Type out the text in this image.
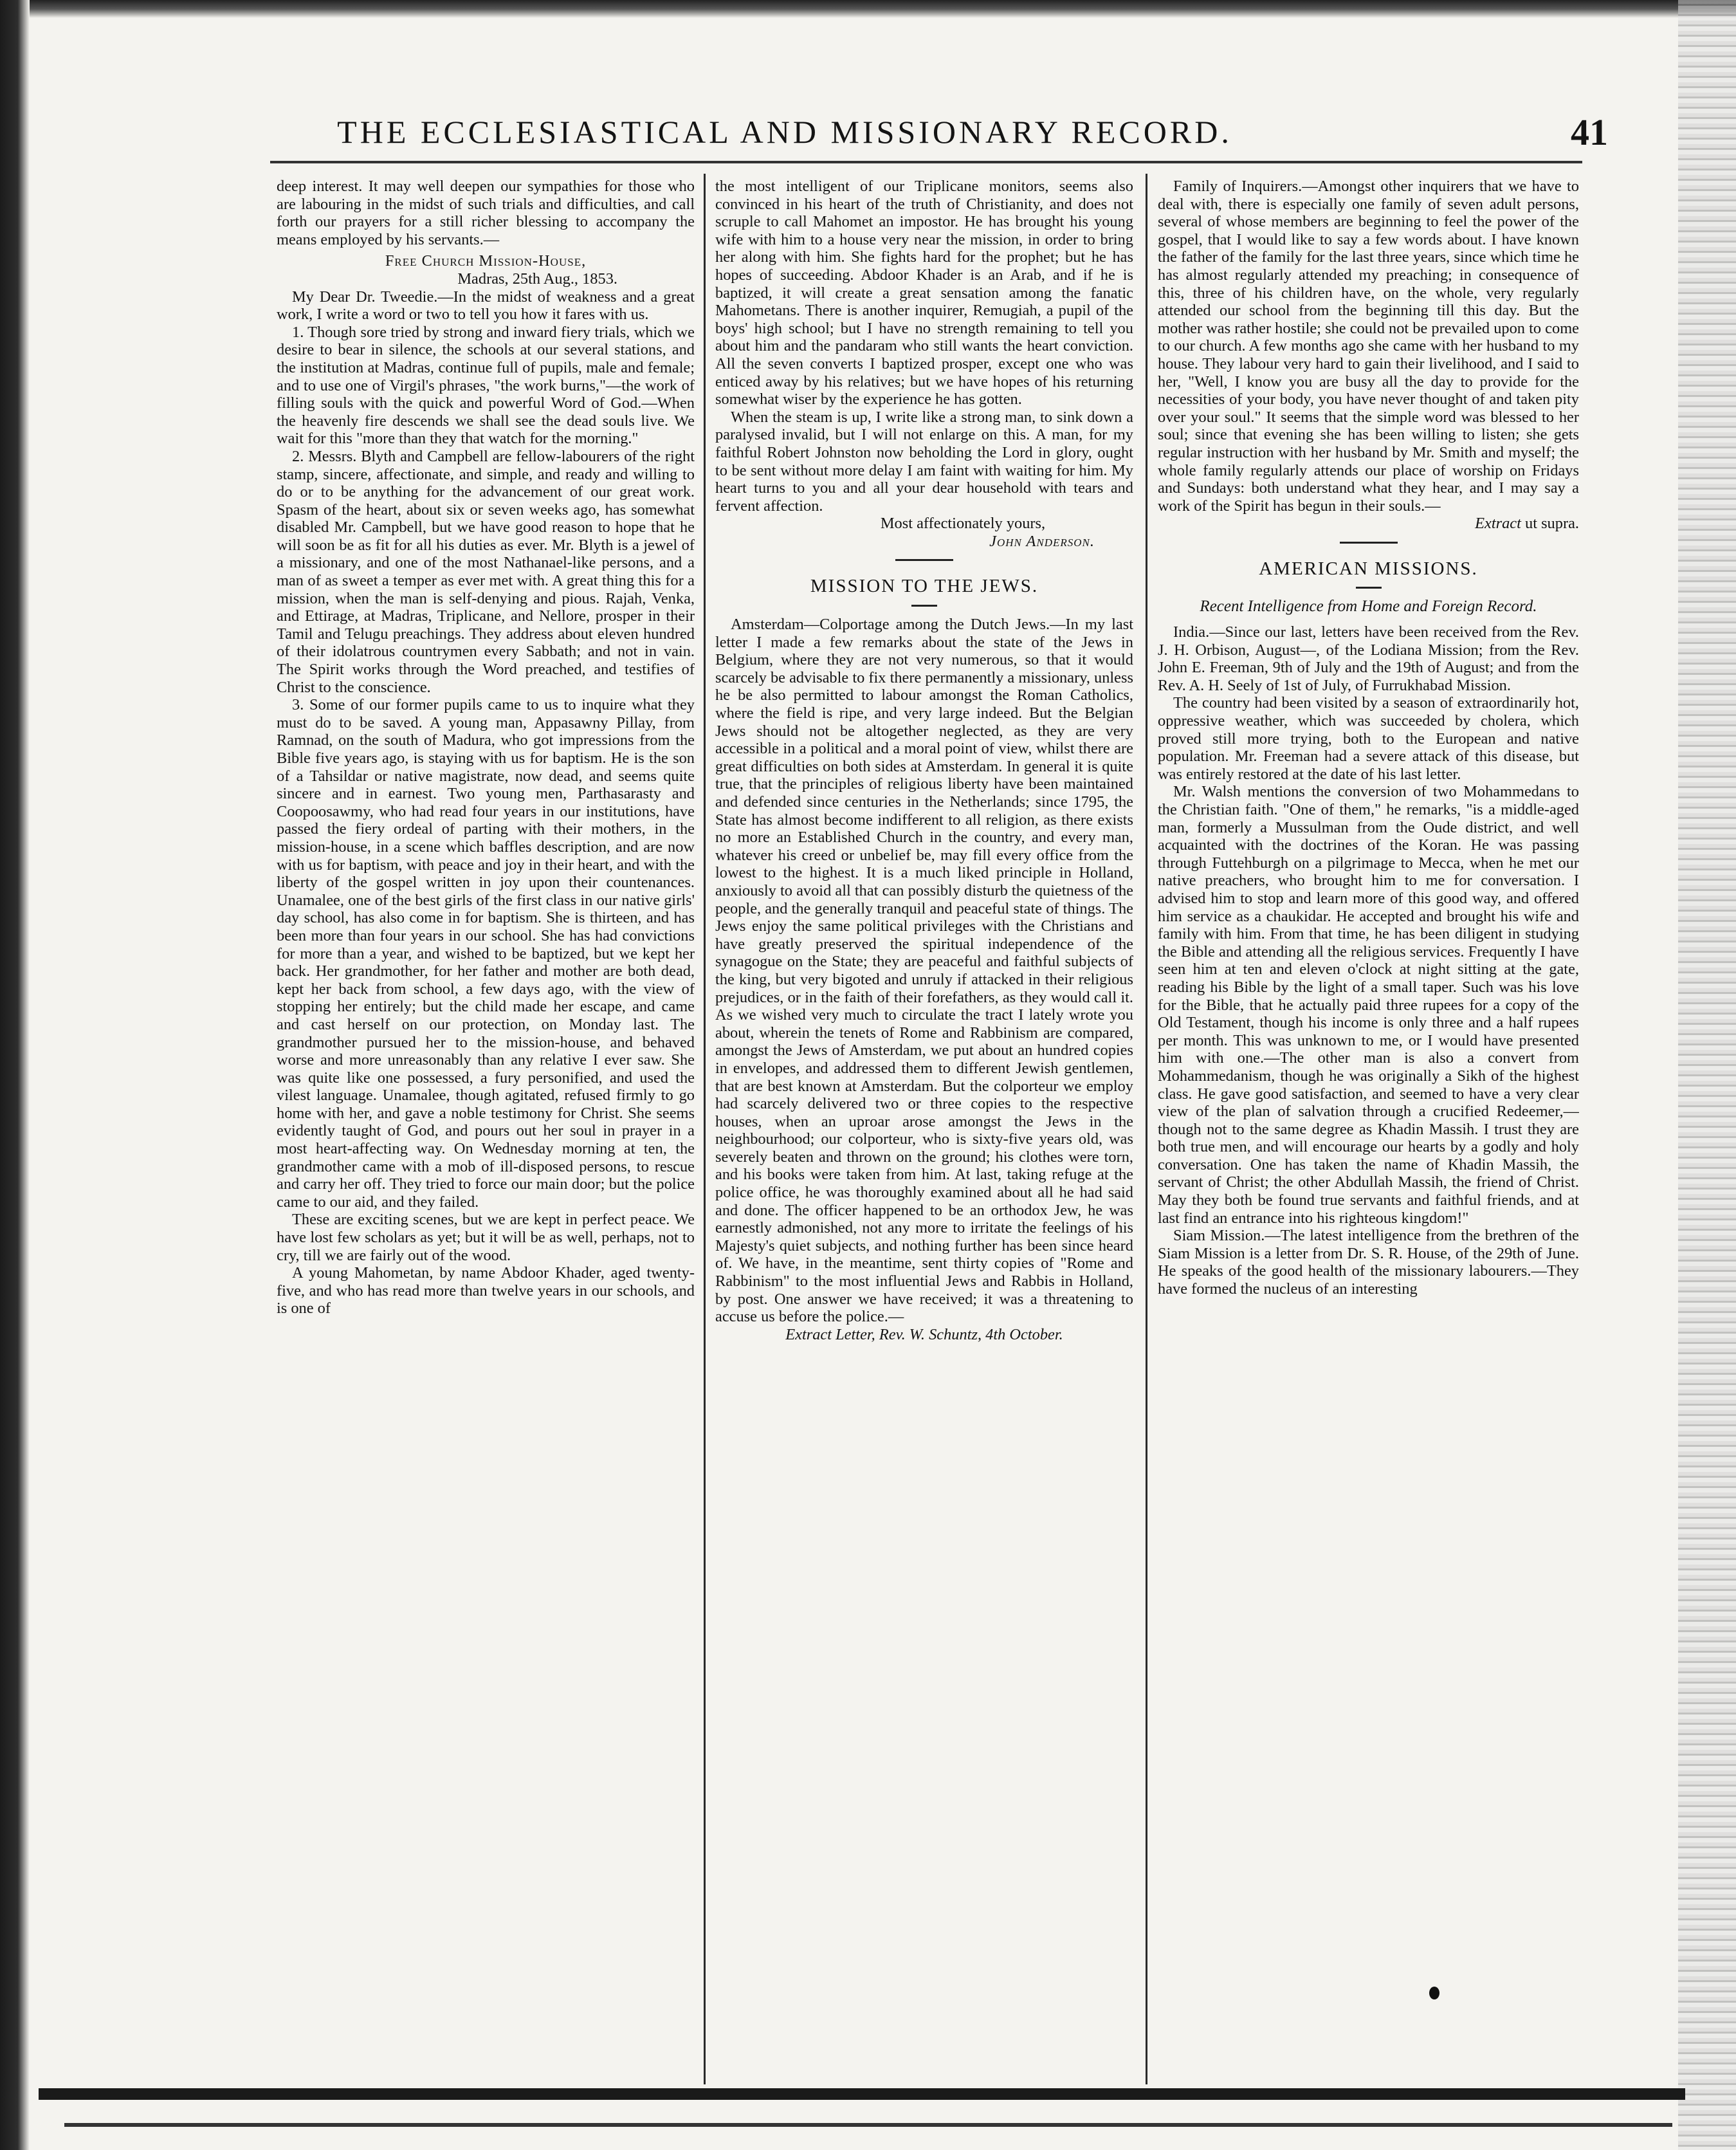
THE ECCLESIASTICAL AND MISSIONARY RECORD.	41

deep interest. It may well deepen our sympathies for those who are labouring in the midst of such trials and difficulties, and call forth our prayers for a still richer blessing to accompany the means employed by his servants.—

Free Church Mission-House,

Madras, 25th Aug., 1853.

My Dear Dr. Tweedie.—In the midst of weakness and a great work, I write a word or two to tell you how it fares with us.

1. Though sore tried by strong and inward fiery trials, which we desire to bear in silence, the schools at our several stations, and the institution at Madras, continue full of pupils, male and female; and to use one of Virgil's phrases, "the work burns,"—the work of filling souls with the quick and powerful Word of God.—When the heavenly fire descends we shall see the dead souls live. We wait for this "more than they that watch for the morning."

2. Messrs. Blyth and Campbell are fellow-labourers of the right stamp, sincere, affectionate, and simple, and ready and willing to do or to be anything for the advancement of our great work. Spasm of the heart, about six or seven weeks ago, has somewhat disabled Mr. Campbell, but we have good reason to hope that he will soon be as fit for all his duties as ever. Mr. Blyth is a jewel of a missionary, and one of the most Nathanael-like persons, and a man of as sweet a temper as ever met with. A great thing this for a mission, when the man is self-denying and pious. Rajah, Venka, and Ettirage, at Madras, Triplicane, and Nellore, prosper in their Tamil and Telugu preachings. They address about eleven hundred of their idolatrous countrymen every Sabbath; and not in vain. The Spirit works through the Word preached, and testifies of Christ to the conscience.

3. Some of our former pupils came to us to inquire what they must do to be saved. A young man, Appasawny Pillay, from Ramnad, on the south of Madura, who got impressions from the Bible five years ago, is staying with us for baptism. He is the son of a Tahsildar or native magistrate, now dead, and seems quite sincere and in earnest. Two young men, Parthasarasty and Coopoosawmy, who had read four years in our institutions, have passed the fiery ordeal of parting with their mothers, in the mission-house, in a scene which baffles description, and are now with us for baptism, with peace and joy in their heart, and with the liberty of the gospel written in joy upon their countenances. Unamalee, one of the best girls of the first class in our native girls' day school, has also come in for baptism. She is thirteen, and has been more than four years in our school. She has had convictions for more than a year, and wished to be baptized, but we kept her back. Her grandmother, for her father and mother are both dead, kept her back from school, a few days ago, with the view of stopping her entirely; but the child made her escape, and came and cast herself on our protection, on Monday last. The grandmother pursued her to the mission-house, and behaved worse and more unreasonably than any relative I ever saw. She was quite like one possessed, a fury personified, and used the vilest language. Unamalee, though agitated, refused firmly to go home with her, and gave a noble testimony for Christ. She seems evidently taught of God, and pours out her soul in prayer in a most heart-affecting way. On Wednesday morning at ten, the grandmother came with a mob of ill-disposed persons, to rescue and carry her off. They tried to force our main door; but the police came to our aid, and they failed.

These are exciting scenes, but we are kept in perfect peace. We have lost few scholars as yet; but it will be as well, perhaps, not to cry, till we are fairly out of the wood.

A young Mahometan, by name Abdoor Khader, aged twenty-five, and who has read more than twelve years in our schools, and is one of

the most intelligent of our Triplicane monitors, seems also convinced in his heart of the truth of Christianity, and does not scruple to call Mahomet an impostor. He has brought his young wife with him to a house very near the mission, in order to bring her along with him. She fights hard for the prophet; but he has hopes of succeeding. Abdoor Khader is an Arab, and if he is baptized, it will create a great sensation among the fanatic Mahometans. There is another inquirer, Remugiah, a pupil of the boys' high school; but I have no strength remaining to tell you about him and the pandaram who still wants the heart conviction. All the seven converts I baptized prosper, except one who was enticed away by his relatives; but we have hopes of his returning somewhat wiser by the experience he has gotten.

When the steam is up, I write like a strong man, to sink down a paralysed invalid, but I will not enlarge on this. A man, for my faithful Robert Johnston now beholding the Lord in glory, ought to be sent without more delay I am faint with waiting for him. My heart turns to you and all your dear household with tears and fervent affection.

Most affectionately yours,

John Anderson.

MISSION TO THE JEWS.

Amsterdam—Colportage among the Dutch Jews.—In my last letter I made a few remarks about the state of the Jews in Belgium, where they are not very numerous, so that it would scarcely be advisable to fix there permanently a missionary, unless he be also permitted to labour amongst the Roman Catholics, where the field is ripe, and very large indeed. But the Belgian Jews should not be altogether neglected, as they are very accessible in a political and a moral point of view, whilst there are great difficulties on both sides at Amsterdam. In general it is quite true, that the principles of religious liberty have been maintained and defended since centuries in the Netherlands; since 1795, the State has almost become indifferent to all religion, as there exists no more an Established Church in the country, and every man, whatever his creed or unbelief be, may fill every office from the lowest to the highest. It is a much liked principle in Holland, anxiously to avoid all that can possibly disturb the quietness of the people, and the generally tranquil and peaceful state of things. The Jews enjoy the same political privileges with the Christians and have greatly preserved the spiritual independence of the synagogue on the State; they are peaceful and faithful subjects of the king, but very bigoted and unruly if attacked in their religious prejudices, or in the faith of their forefathers, as they would call it. As we wished very much to circulate the tract I lately wrote you about, wherein the tenets of Rome and Rabbinism are compared, amongst the Jews of Amsterdam, we put about an hundred copies in envelopes, and addressed them to different Jewish gentlemen, that are best known at Amsterdam. But the colporteur we employ had scarcely delivered two or three copies to the respective houses, when an uproar arose amongst the Jews in the neighbourhood; our colporteur, who is sixty-five years old, was severely beaten and thrown on the ground; his clothes were torn, and his books were taken from him. At last, taking refuge at the police office, he was thoroughly examined about all he had said and done. The officer happened to be an orthodox Jew, he was earnestly admonished, not any more to irritate the feelings of his Majesty's quiet subjects, and nothing further has been since heard of. We have, in the meantime, sent thirty copies of "Rome and Rabbinism" to the most influential Jews and Rabbis in Holland, by post. One answer we have received; it was a threatening to accuse us before the police.—

Extract Letter, Rev. W. Schuntz, 4th October.

Family of Inquirers.—Amongst other inquirers that we have to deal with, there is especially one family of seven adult persons, several of whose members are beginning to feel the power of the gospel, that I would like to say a few words about. I have known the father of the family for the last three years, since which time he has almost regularly attended my preaching; in consequence of this, three of his children have, on the whole, very regularly attended our school from the beginning till this day. But the mother was rather hostile; she could not be prevailed upon to come to our church. A few months ago she came with her husband to my house. They labour very hard to gain their livelihood, and I said to her, "Well, I know you are busy all the day to provide for the necessities of your body, you have never thought of and taken pity over your soul." It seems that the simple word was blessed to her soul; since that evening she has been willing to listen; she gets regular instruction with her husband by Mr. Smith and myself; the whole family regularly attends our place of worship on Fridays and Sundays: both understand what they hear, and I may say a work of the Spirit has begun in their souls.—

Extract ut supra.

AMERICAN MISSIONS.

Recent Intelligence from Home and Foreign Record.

India.—Since our last, letters have been received from the Rev. J. H. Orbison, August—, of the Lodiana Mission; from the Rev. John E. Freeman, 9th of July and the 19th of August; and from the Rev. A. H. Seely of 1st of July, of Furrukhabad Mission.

The country had been visited by a season of extraordinarily hot, oppressive weather, which was succeeded by cholera, which proved still more trying, both to the European and native population. Mr. Freeman had a severe attack of this disease, but was entirely restored at the date of his last letter.

Mr. Walsh mentions the conversion of two Mohammedans to the Christian faith. "One of them," he remarks, "is a middle-aged man, formerly a Mussulman from the Oude district, and well acquainted with the doctrines of the Koran. He was passing through Futtehburgh on a pilgrimage to Mecca, when he met our native preachers, who brought him to me for conversation. I advised him to stop and learn more of this good way, and offered him service as a chaukidar. He accepted and brought his wife and family with him. From that time, he has been diligent in studying the Bible and attending all the religious services. Frequently I have seen him at ten and eleven o'clock at night sitting at the gate, reading his Bible by the light of a small taper. Such was his love for the Bible, that he actually paid three rupees for a copy of the Old Testament, though his income is only three and a half rupees per month. This was unknown to me, or I would have presented him with one.—The other man is also a convert from Mohammedanism, though he was originally a Sikh of the highest class. He gave good satisfaction, and seemed to have a very clear view of the plan of salvation through a crucified Redeemer,—though not to the same degree as Khadin Massih. I trust they are both true men, and will encourage our hearts by a godly and holy conversation. One has taken the name of Khadin Massih, the servant of Christ; the other Abdullah Massih, the friend of Christ. May they both be found true servants and faithful friends, and at last find an entrance into his righteous kingdom!"

Siam Mission.—The latest intelligence from the brethren of the Siam Mission is a letter from Dr. S. R. House, of the 29th of June. He speaks of the good health of the missionary labourers.—They have formed the nucleus of an interesting
